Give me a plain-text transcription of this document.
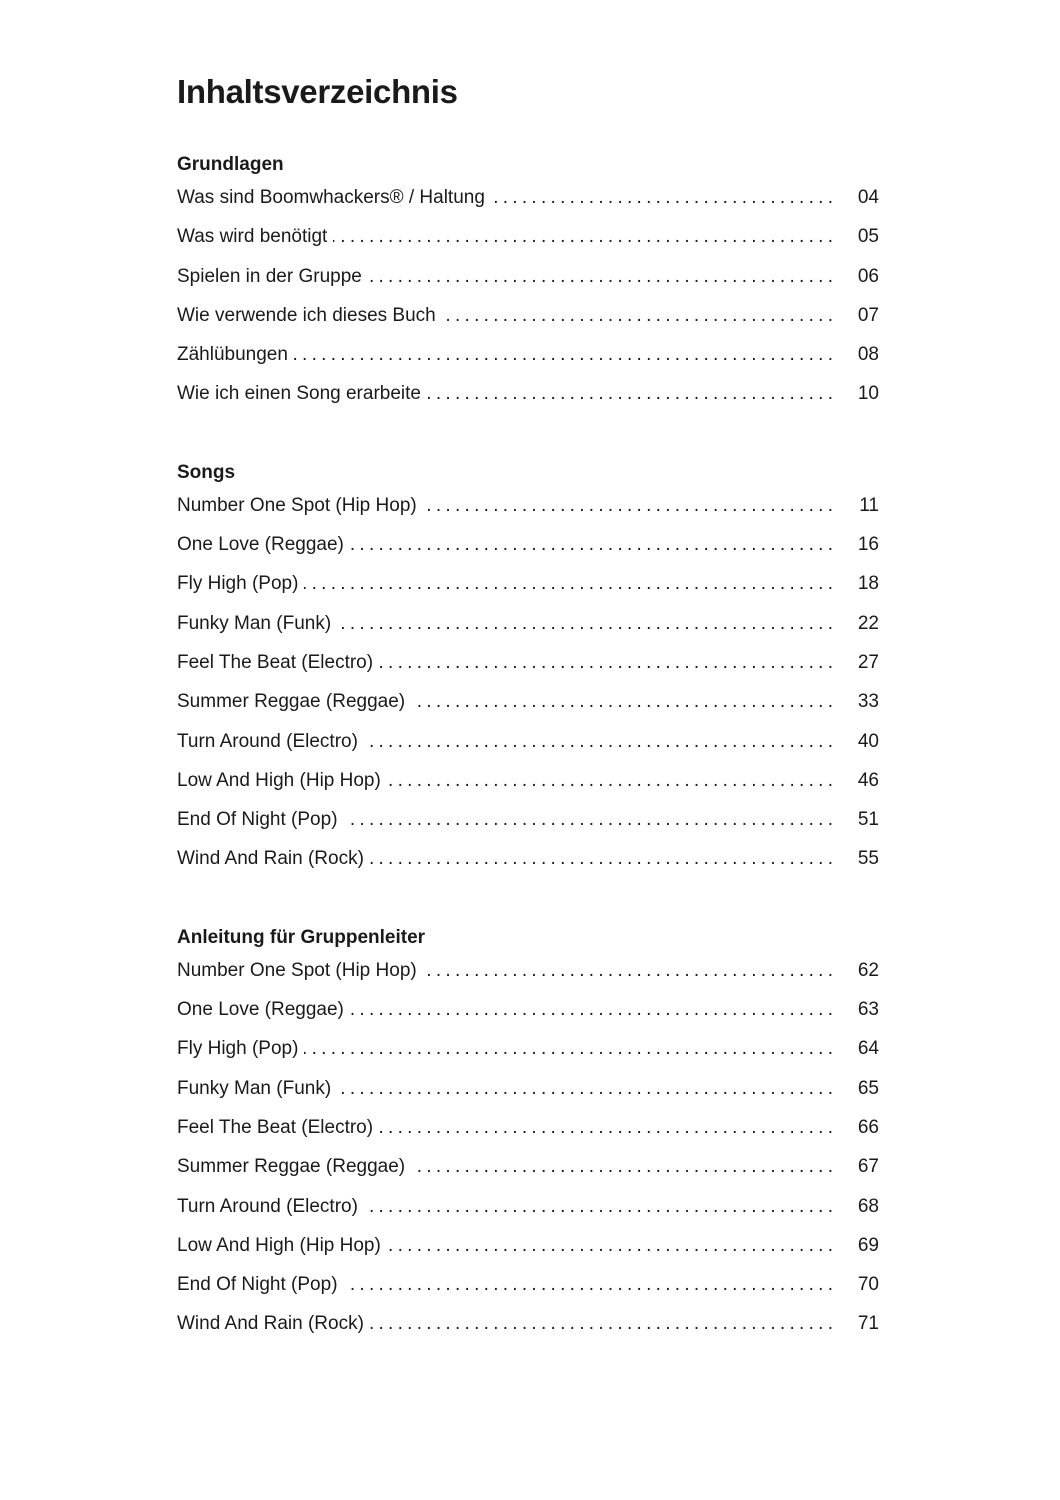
Inhaltsverzeichnis
Grundlagen
Was sind Boomwhackers® / Haltung . . .	04
Was wird benötigt . . .	05
Spielen in der Gruppe . . .	06
Wie verwende ich dieses Buch . . .	07
Zählübungen . . .	08
Wie ich einen Song erarbeite . . .	10
Songs
Number One Spot (Hip Hop) . . .	11
One Love (Reggae) . . .	16
Fly High (Pop) . . .	18
Funky Man (Funk) . . .	22
Feel The Beat (Electro) . . .	27
Summer Reggae (Reggae) . . .	33
Turn Around (Electro) . . .	40
Low And High (Hip Hop) . . .	46
End Of Night (Pop) . . .	51
Wind And Rain (Rock) . . .	55
Anleitung für Gruppenleiter
Number One Spot (Hip Hop) . . .	62
One Love (Reggae) . . .	63
Fly High (Pop) . . .	64
Funky Man (Funk) . . .	65
Feel The Beat (Electro) . . .	66
Summer Reggae (Reggae) . . .	67
Turn Around (Electro) . . .	68
Low And High (Hip Hop) . . .	69
End Of Night (Pop) . . .	70
Wind And Rain (Rock) . . .	71
